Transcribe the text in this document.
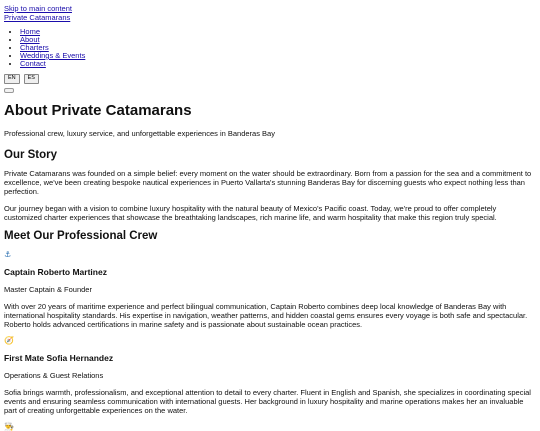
Skip to main content
Private Catamarans
• Home
• About
• Charters
• Weddings & Events
• Contact
EN	ES
About Private Catamarans

Professional crew, luxury service, and unforgettable experiences in Banderas Bay

Our Story

Private Catamarans was founded on a simple belief: every moment on the water should be extraordinary. Born from a passion for the sea and a commitment to excellence, we've been creating bespoke nautical experiences in Puerto Vallarta's stunning Banderas Bay for discerning guests who expect nothing less than perfection.

Our journey began with a vision to combine luxury hospitality with the natural beauty of Mexico's Pacific coast. Today, we're proud to offer completely customized charter experiences that showcase the breathtaking landscapes, rich marine life, and warm hospitality that make this region truly special.

Meet Our Professional Crew
⚓
Captain Roberto Martinez

Master Captain & Founder

With over 20 years of maritime experience and perfect bilingual communication, Captain Roberto combines deep local knowledge of Banderas Bay with international hospitality standards. His expertise in navigation, weather patterns, and hidden coastal gems ensures every voyage is both safe and spectacular. Roberto holds advanced certifications in marine safety and is passionate about sustainable ocean practices.

🧭
First Mate Sofia Hernandez

Operations & Guest Relations

Sofia brings warmth, professionalism, and exceptional attention to detail to every charter. Fluent in English and Spanish, she specializes in coordinating special events and ensuring seamless communication with international guests. Her background in luxury hospitality and marine operations makes her an invaluable part of creating unforgettable experiences on the water.

👨‍🍳
